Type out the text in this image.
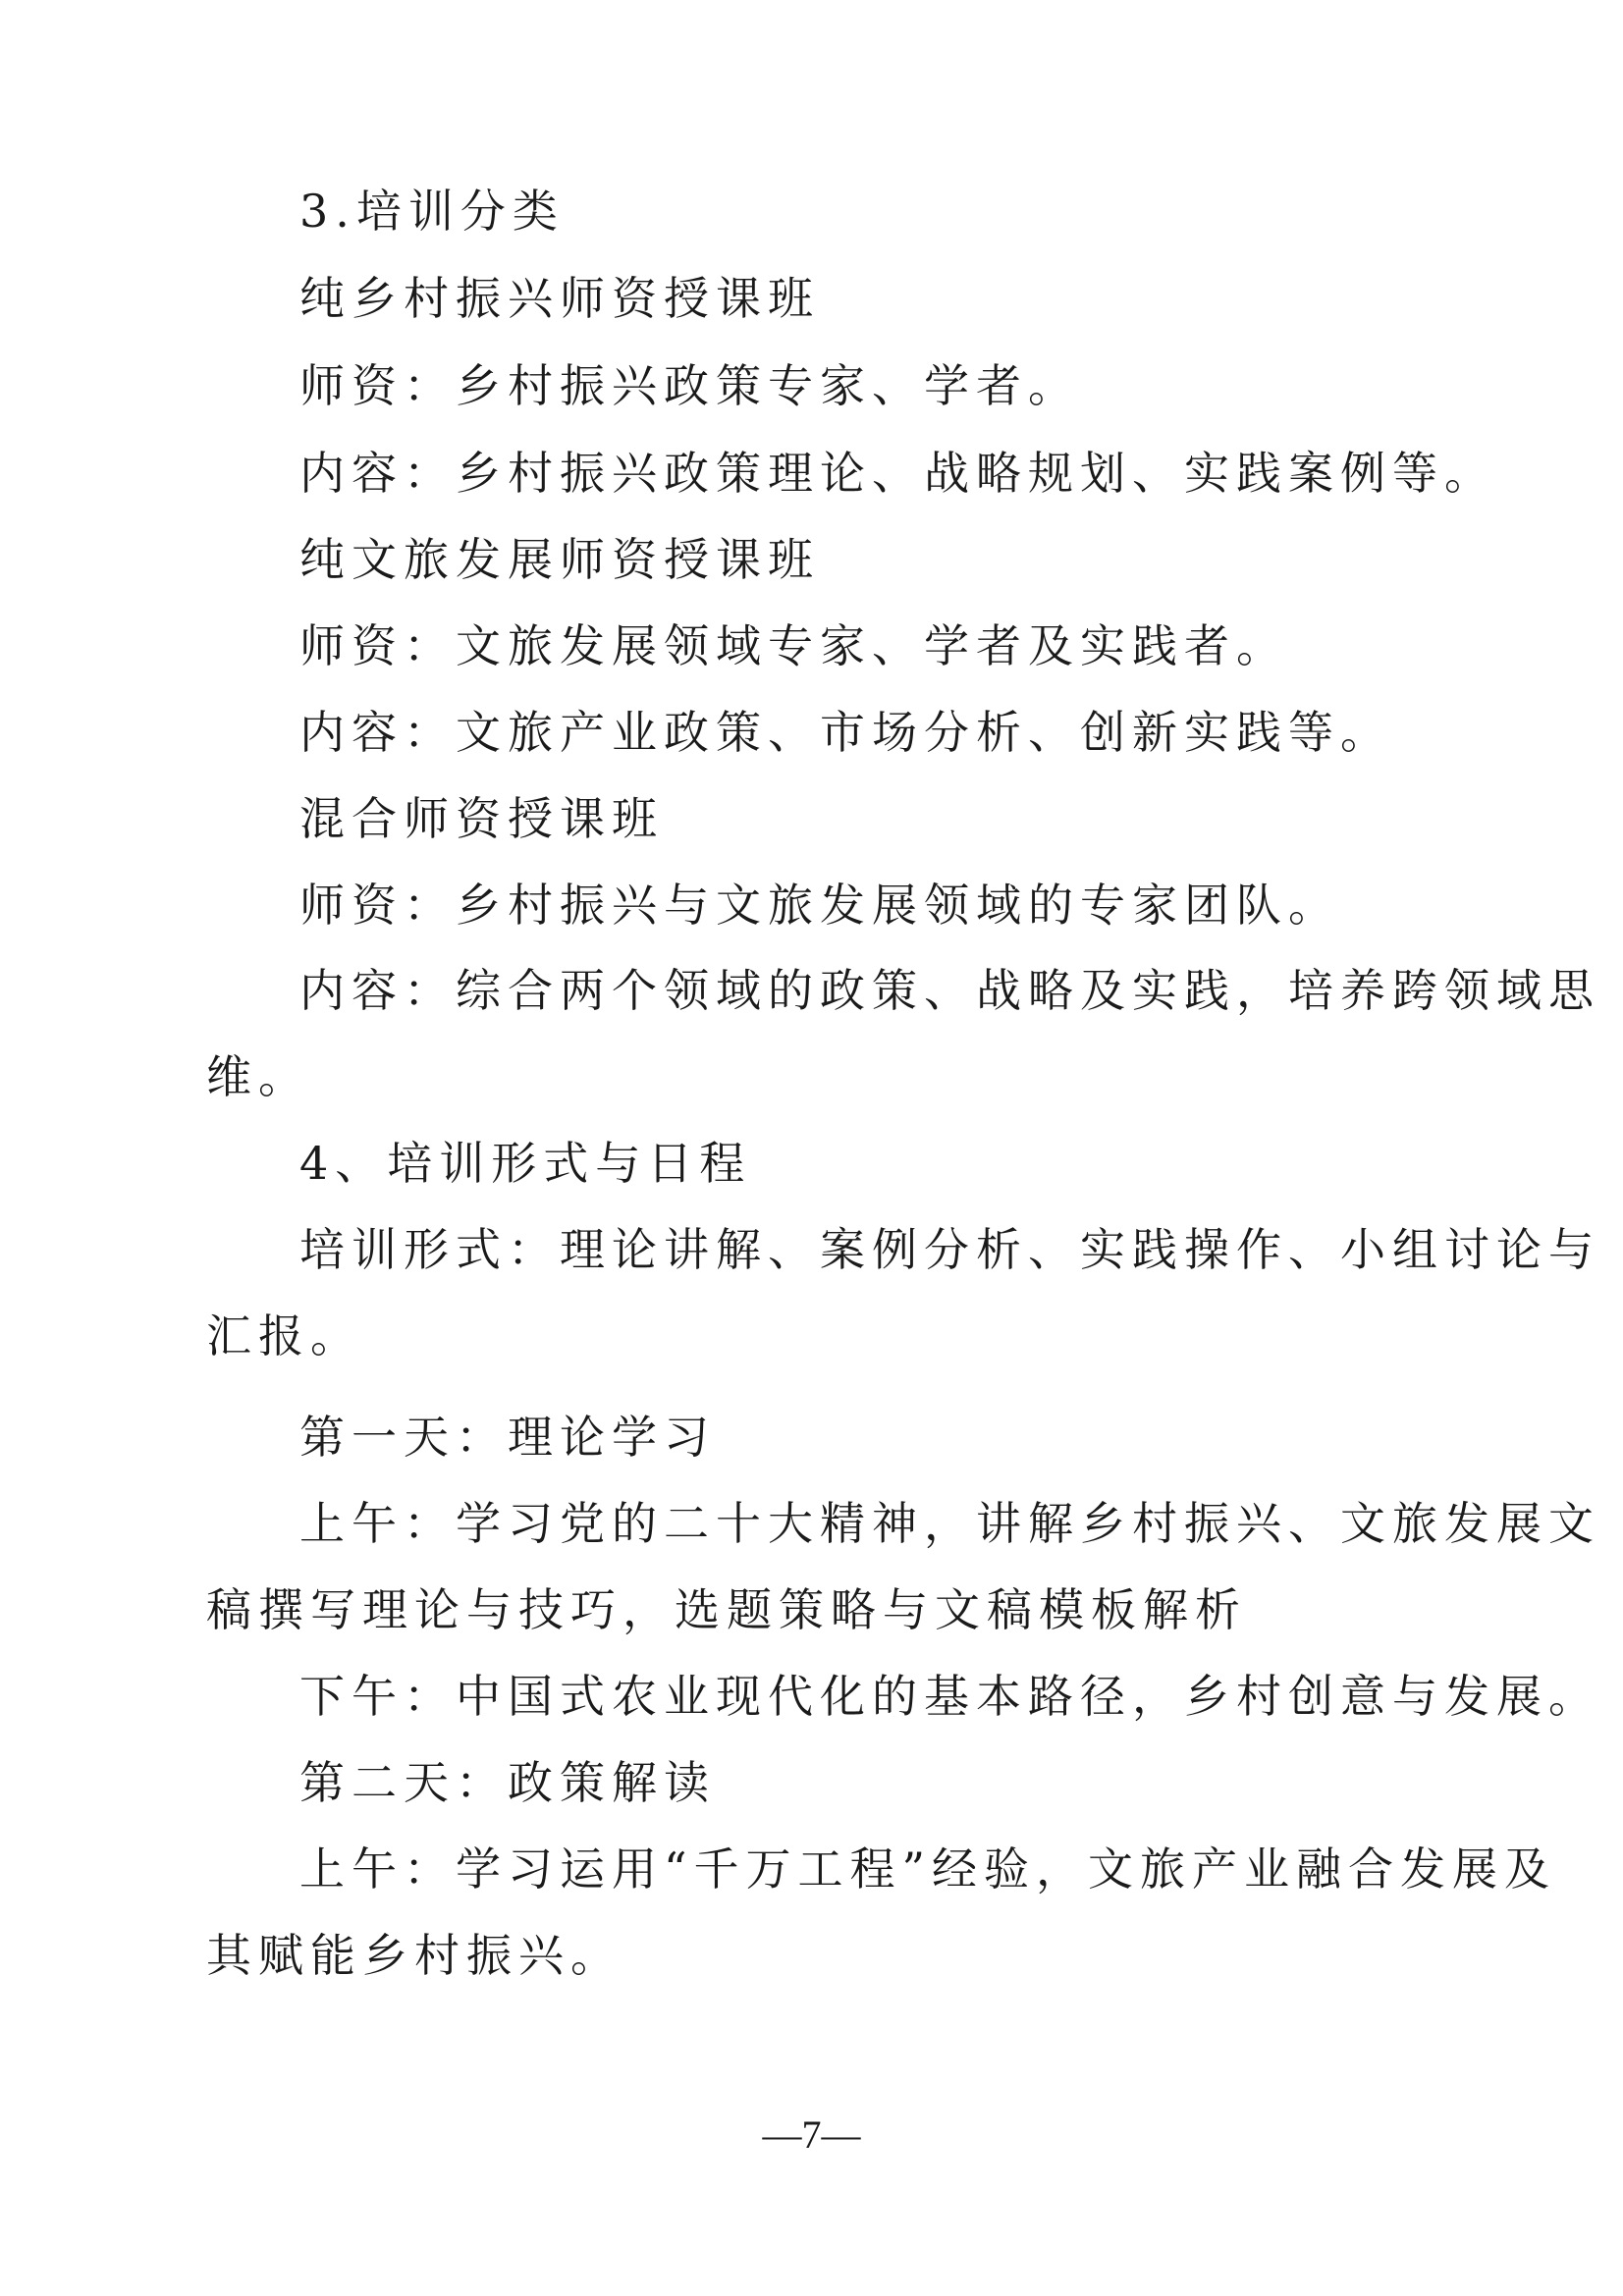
3.培训分类
纯乡村振兴师资授课班
师资：乡村振兴政策专家、学者。
内容：乡村振兴政策理论、战略规划、实践案例等。
纯文旅发展师资授课班
师资：文旅发展领域专家、学者及实践者。
内容：文旅产业政策、市场分析、创新实践等。
混合师资授课班
师资：乡村振兴与文旅发展领域的专家团队。
内容：综合两个领域的政策、战略及实践，培养跨领域思
维。
4、培训形式与日程
培训形式：理论讲解、案例分析、实践操作、小组讨论与
汇报。
第一天：理论学习
上午：学习党的二十大精神，讲解乡村振兴、文旅发展文
稿撰写理论与技巧，选题策略与文稿模板解析
下午：中国式农业现代化的基本路径，乡村创意与发展。
第二天：政策解读
上午：学习运用“千万工程”经验，文旅产业融合发展及
其赋能乡村振兴。
—7—
